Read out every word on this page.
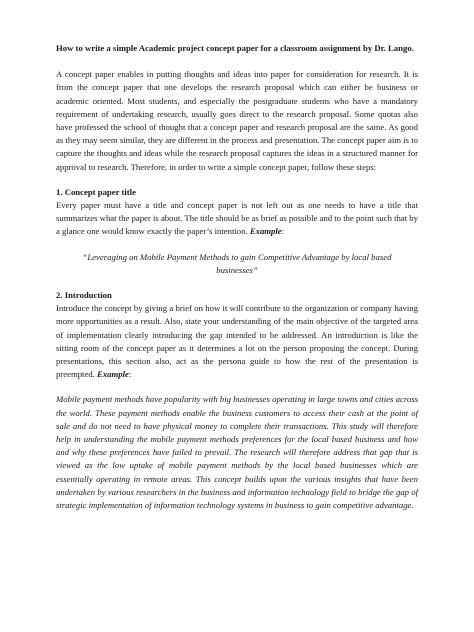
How to write a simple Academic project concept paper for a classroom assignment by Dr. Lango.

A concept paper enables in putting thoughts and ideas into paper for consideration for research. It is from the concept paper that one develops the research proposal which can either be business or academic oriented. Most students, and especially the postgraduate students who have a mandatory requirement of undertaking research, usually goes direct to the research proposal. Some quotas also have professed the school of thought that a concept paper and research proposal are the same. As good as they may seem similar, they are different in the process and presentation. The concept paper aim is to capture the thoughts and ideas while the research proposal captures the ideas in a structured manner for approval to research. Therefore, in order to write a simple concept paper, follow these steps:

1. Concept paper title

Every paper must have a title and concept paper is not left out as one needs to have a title that summarizes what the paper is about. The title should be as brief as possible and to the point such that by a glance one would know exactly the paper’s intention. Example:

“Leveraging on Mobile Payment Methods to gain Competitive Advantage by local based businesses”

2. Introduction

Introduce the concept by giving a brief on how it will contribute to the organization or company having more opportunities as a result. Also, state your understanding of the main objective of the targeted area of implementation clearly introducing the gap intended to be addressed. An introduction is like the sitting room of the concept paper as it determines a lot on the person proposing the concept. During presentations, this section also, act as the persona guide to how the rest of the presentation is preempted. Example:

Mobile payment methods have popularity with big businesses operating in large towns and cities across the world. These payment methods enable the business customers to access their cash at the point of sale and do not need to have physical money to complete their transactions. This study will therefore help in understanding the mobile payment methods preferences for the local based business and how and why these preferences have failed to prevail. The research will therefore address that gap that is viewed as the low uptake of mobile payment methods by the local based businesses which are essentially operating in remote areas. This concept builds upon the various insights that have been undertaken by various researchers in the business and information technology field to bridge the gap of strategic implementation of information technology systems in business to gain competitive advantage.
